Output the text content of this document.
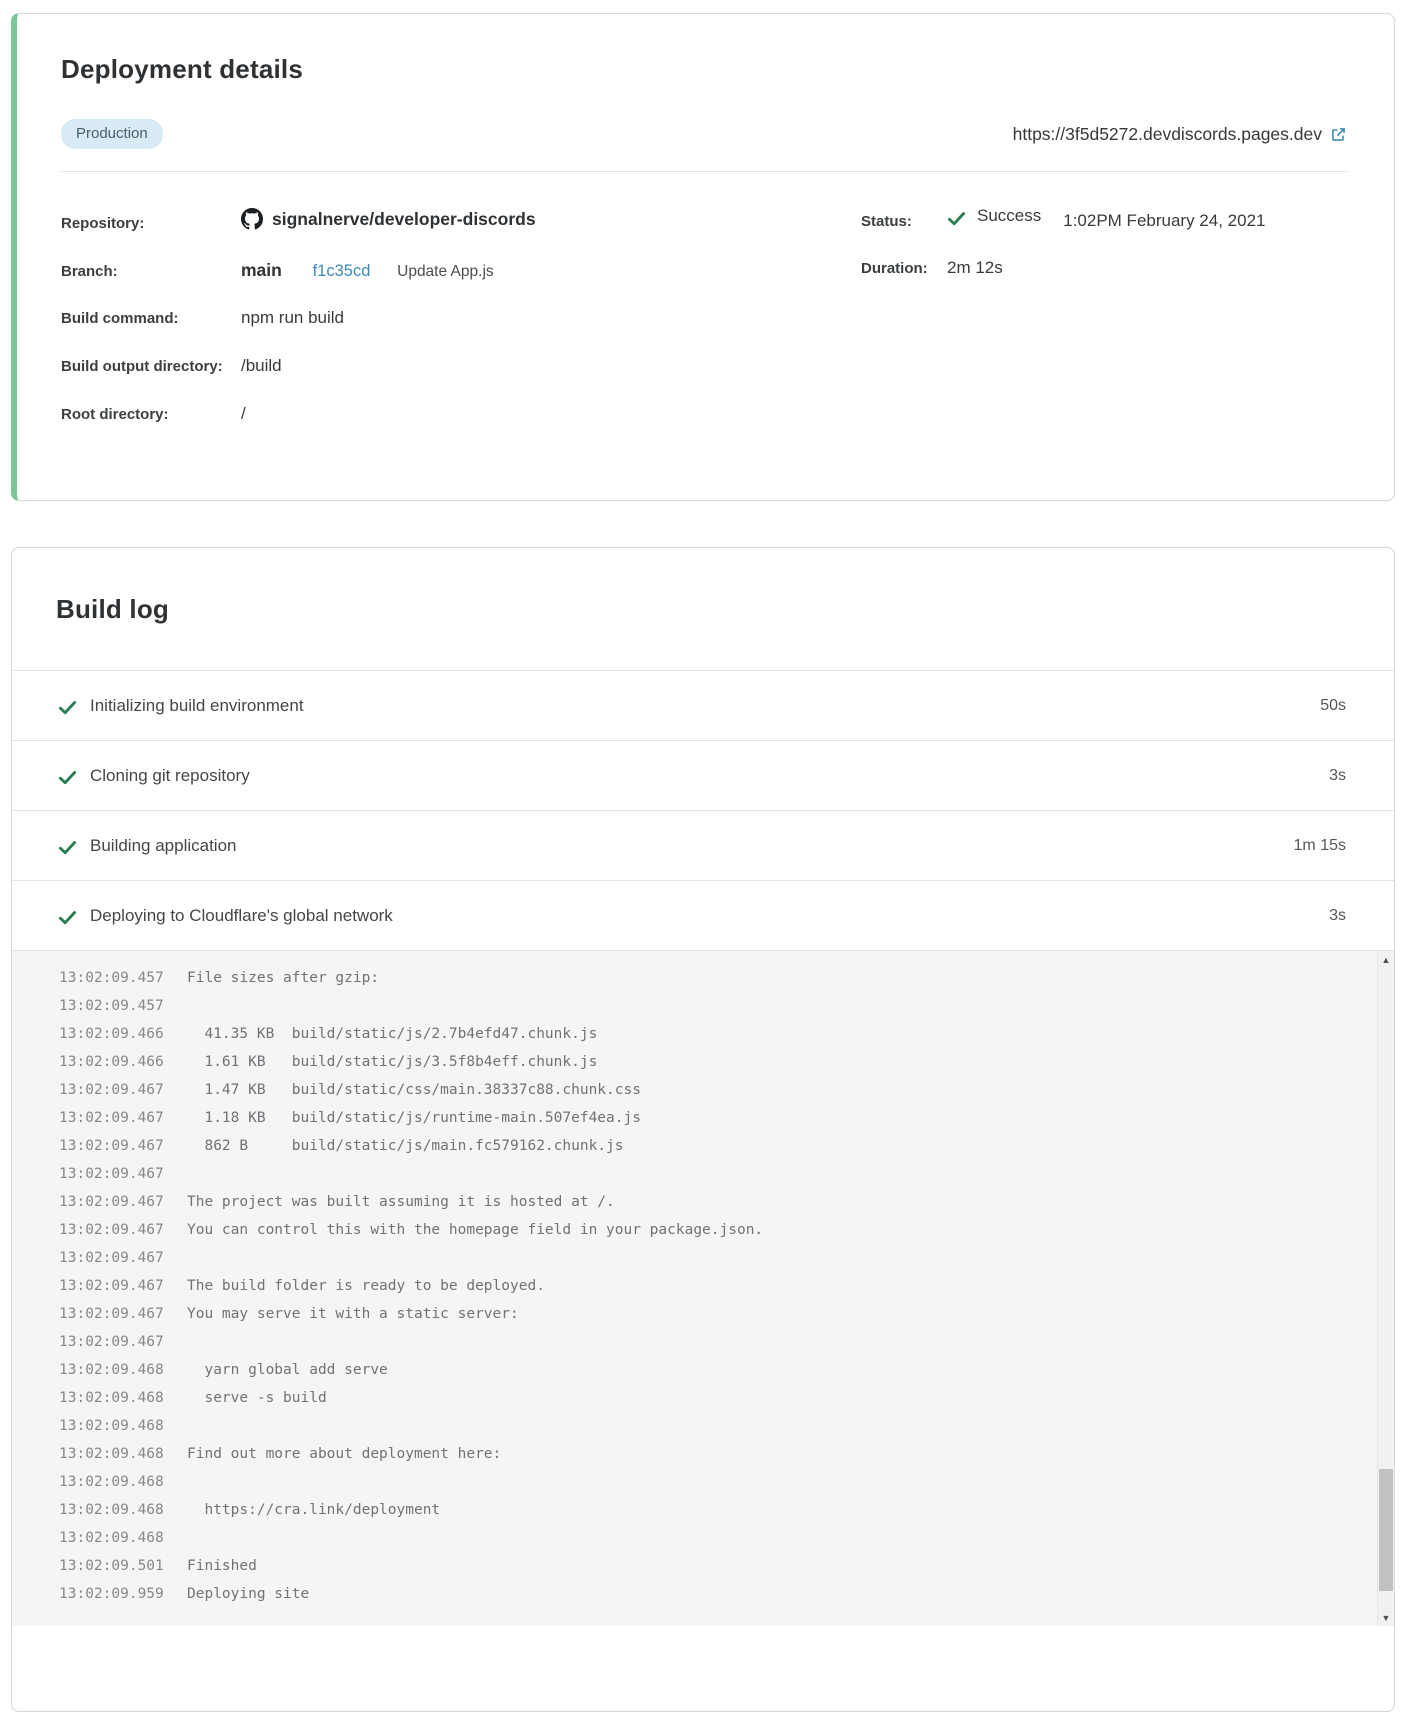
Deployment details
Production	https://3f5d5272.devdiscords.pages.dev
Repository:	signalnerve/developer-discords
Branch:	main f1c35cd Update App.js
Build command:	npm run build
Build output directory:	/build
Root directory:	/
Status:	Success 1:02PM February 24, 2021
Duration:	2m 12s
Build log
Initializing build environment	50s
Cloning git repository	3s
Building application	1m 15s
Deploying to Cloudflare's global network	3s
13:02:09.457	File sizes after gzip:
13:02:09.457
13:02:09.466	41.35 KB  build/static/js/2.7b4efd47.chunk.js
13:02:09.466	1.61 KB   build/static/js/3.5f8b4eff.chunk.js
13:02:09.467	1.47 KB   build/static/css/main.38337c88.chunk.css
13:02:09.467	1.18 KB   build/static/js/runtime-main.507ef4ea.js
13:02:09.467	862 B     build/static/js/main.fc579162.chunk.js
13:02:09.467
13:02:09.467	The project was built assuming it is hosted at /.
13:02:09.467	You can control this with the homepage field in your package.json.
13:02:09.467
13:02:09.467	The build folder is ready to be deployed.
13:02:09.467	You may serve it with a static server:
13:02:09.467
13:02:09.468	yarn global add serve
13:02:09.468	serve -s build
13:02:09.468
13:02:09.468	Find out more about deployment here:
13:02:09.468
13:02:09.468	https://cra.link/deployment
13:02:09.468
13:02:09.501	Finished
13:02:09.959	Deploying site
▲
▼
